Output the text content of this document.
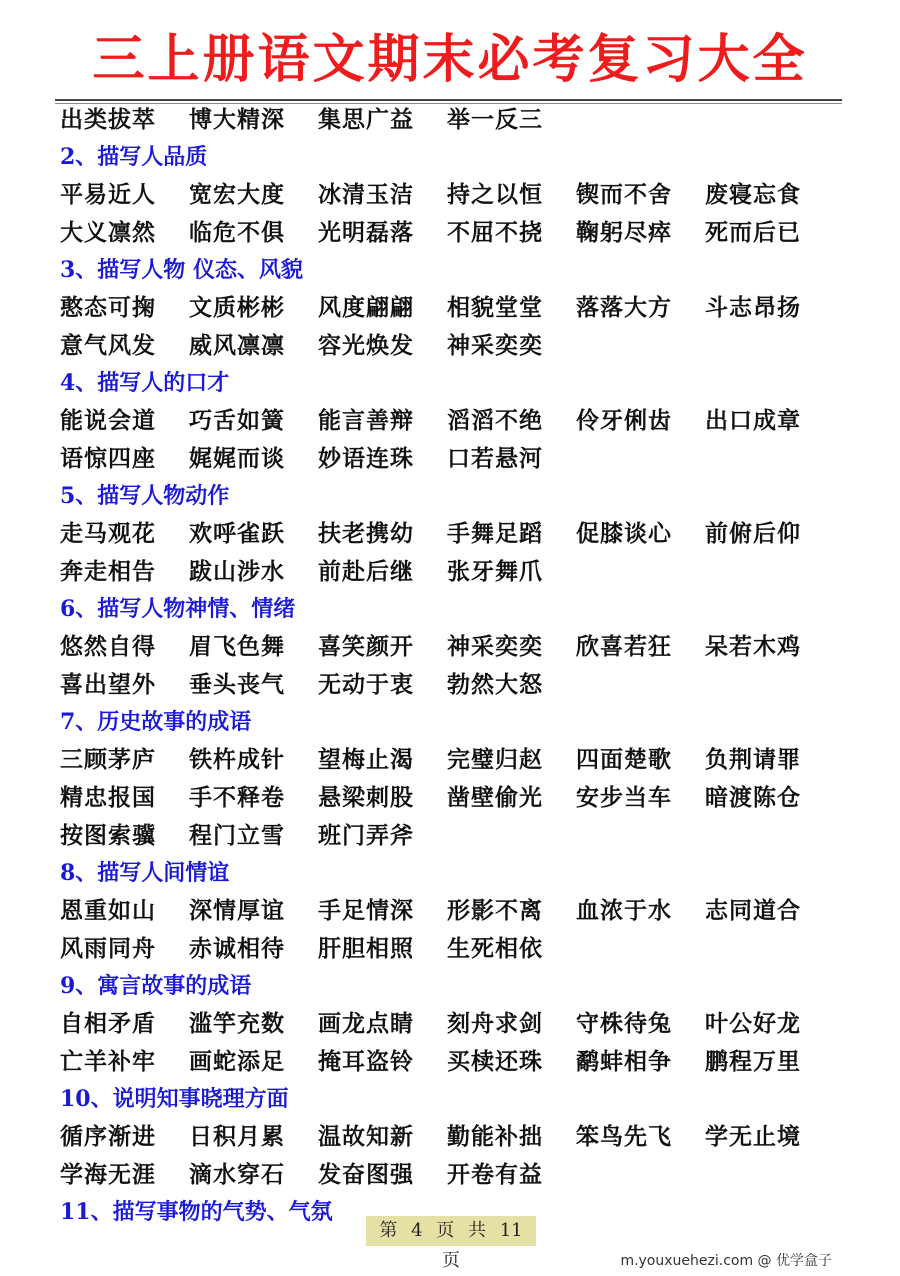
三上册语文期末必考复习大全
出类拔萃 博大精深 集思广益 举一反三
2、描写人品质
平易近人 宽宏大度 冰清玉洁 持之以恒 锲而不舍 废寝忘食
大义凛然 临危不俱 光明磊落 不屈不挠 鞠躬尽瘁 死而后已
3、描写人物 仪态、风貌
憨态可掬 文质彬彬 风度翩翩 相貌堂堂 落落大方 斗志昂扬
意气风发 威风凛凛 容光焕发 神采奕奕
4、描写人的口才
能说会道 巧舌如簧 能言善辩 滔滔不绝 伶牙俐齿 出口成章
语惊四座 娓娓而谈 妙语连珠 口若悬河
5、描写人物动作
走马观花 欢呼雀跃 扶老携幼 手舞足蹈 促膝谈心 前俯后仰
奔走相告 跋山涉水 前赴后继 张牙舞爪
6、描写人物神情、情绪
悠然自得 眉飞色舞 喜笑颜开 神采奕奕 欣喜若狂 呆若木鸡
喜出望外 垂头丧气 无动于衷 勃然大怒
7、历史故事的成语
三顾茅庐 铁杵成针 望梅止渴 完璧归赵 四面楚歌 负荆请罪
精忠报国 手不释卷 悬梁刺股 凿壁偷光 安步当车 暗渡陈仓
按图索骥 程门立雪 班门弄斧
8、描写人间情谊
恩重如山 深情厚谊 手足情深 形影不离 血浓于水 志同道合
风雨同舟 赤诚相待 肝胆相照 生死相依
9、寓言故事的成语
自相矛盾 滥竽充数 画龙点睛 刻舟求剑 守株待兔 叶公好龙
亡羊补牢 画蛇添足 掩耳盗铃 买椟还珠 鹬蚌相争 鹏程万里
10、说明知事晓理方面
循序渐进 日积月累 温故知新 勤能补拙 笨鸟先飞 学无止境
学海无涯 滴水穿石 发奋图强 开卷有益
11、描写事物的气势、气氛
第 4 页 共 11 页	m.youxuehezi.com @ 优学盒子
